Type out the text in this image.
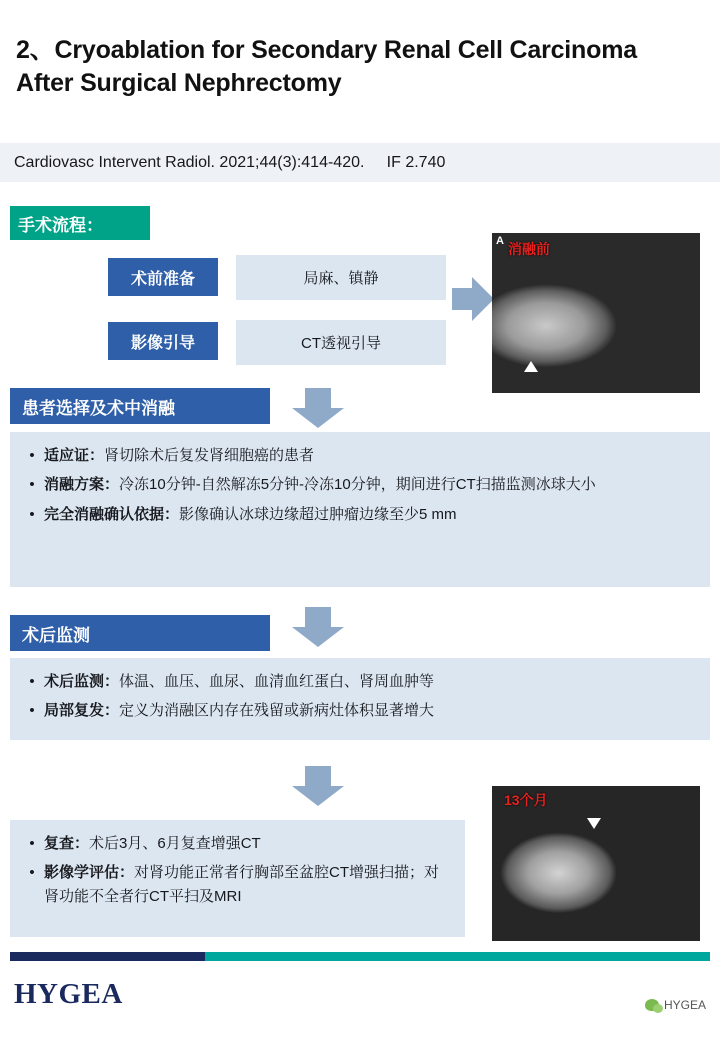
2、Cryoablation for Secondary Renal Cell Carcinoma After Surgical Nephrectomy
Cardiovasc Intervent Radiol. 2021;44(3):414-420.     IF 2.740
手术流程：
术前准备	局麻、镇静
影像引导	CT透视引导
A 消融前
患者选择及术中消融
• 适应证：肾切除术后复发肾细胞癌的患者
• 消融方案：冷冻10分钟-自然解冻5分钟-冷冻10分钟，期间进行CT扫描监测冰球大小
• 完全消融确认依据：影像确认冰球边缘超过肿瘤边缘至少5 mm
术后监测
• 术后监测：体温、血压、血尿、血清血红蛋白、肾周血肿等
• 局部复发：定义为消融区内存在残留或新病灶体积显著增大
• 复查：术后3月、6月复查增强CT
• 影像学评估：对肾功能正常者行胸部至盆腔CT增强扫描；对肾功能不全者行CT平扫及MRI
13个月
HYGEA	HYGEA
